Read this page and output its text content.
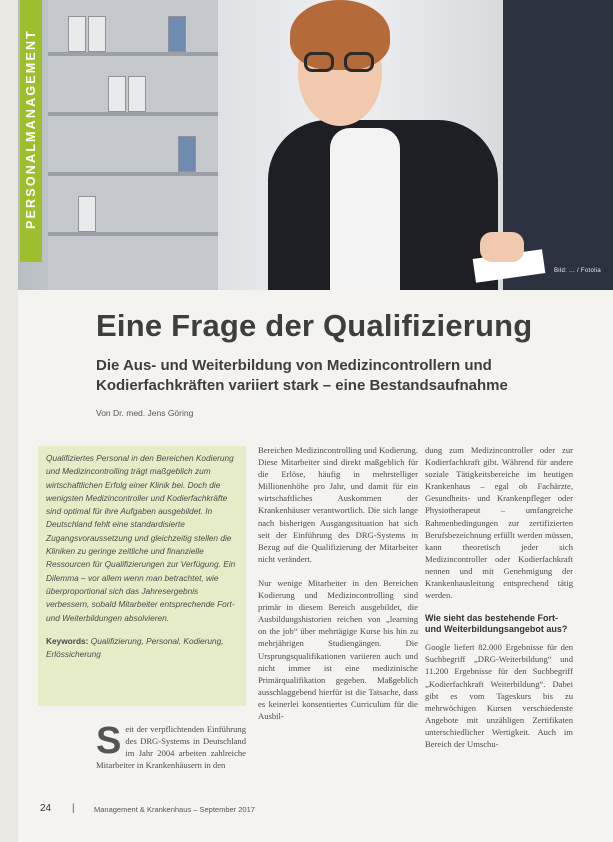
Bild: ... / Fotolia
PERSONALMANAGEMENT
Eine Frage der Qualifizierung
Die Aus- und Weiterbildung von Medizincontrollern und Kodierfachkräften variiert stark – eine Bestandsaufnahme
Von Dr. med. Jens Göring

Qualifiziertes Personal in den Bereichen Kodierung und Medizincontrolling trägt maßgeblich zum wirtschaftlichen Erfolg einer Klinik bei. Doch die wenigsten Medizincontroller und Kodierfachkräfte sind optimal für ihre Aufgaben ausgebildet. In Deutschland fehlt eine standardisierte Zugangsvoraussetzung und gleichzeitig stellen die Kliniken zu geringe zeitliche und finanzielle Ressourcen für Qualifizierungen zur Verfügung. Ein Dilemma – vor allem wenn man betrachtet, wie überproportional sich das Jahresergebnis verbessern, sobald Mitarbeiter entsprechende Fort- und Weiterbildungen absolvieren.

Keywords: Qualifizierung, Personal, Kodierung, Erlössicherung

S eit der verpflichtenden Einführung des DRG-Systems in Deutschland im Jahr 2004 arbeiten zahlreiche Mitarbeiter in Krankenhäusern in den

Bereichen Medizincontrolling und Kodierung. Diese Mitarbeiter sind direkt maßgeblich für die Erlöse, häufig in mehrstelliger Millionenhöhe pro Jahr, und damit für ein wirtschaftliches Auskommen der Krankenhäuser verantwortlich. Die sich lange nach bisherigen Ausgangssituation hat sich seit der Einführung des DRG-Systems in Bezug auf die Qualifizierung der Mitarbeiter nicht verändert.

Nur wenige Mitarbeiter in den Bereichen Kodierung und Medizincontrolling sind primär in diesem Bereich ausgebildet, die Ausbildungshistorien reichen von „learning on the job“ über mehrtägige Kurse bis hin zu mehrjährigen Studiengängen. Die Ursprungsqualifikationen variieren auch und nicht immer ist eine medizinische Primärqualifikation gegeben. Maßgeblich ausschlaggebend hierfür ist die Tatsache, dass es keinerlei konsentiertes Curriculum für die Ausbil-

dung zum Medizincontroller oder zur Kodierfachkraft gibt. Während für andere soziale Tätigkeitsbereiche im heutigen Krankenhaus – egal ob Fachärzte, Gesundheits- und Krankenpfleger oder Physiotherapeut – umfangreiche Rahmenbedingungen zur zertifizierten Berufsbezeichnung erfüllt werden müssen, kann theoretisch jeder sich Medizincontroller oder Kodierfachkraft nennen und mit Genehmigung der Krankenhausleitung entsprechend tätig werden.

Wie sieht das bestehende Fort- und Weiterbildungsangebot aus?

Google liefert 82.000 Ergebnisse für den Suchbegriff „DRG-Weiterbildung“ und 11.200 Ergebnisse für den Suchbegriff „Kodierfachkraft Weiterbildung“. Dabei gibt es vom Tageskurs bis zu mehrwöchigen Kursen verschiedenste Angebote mit unzähligen Zertifikaten unterschiedlicher Wertigkeit. Auch im Bereich der Umschu-

24 |	Management & Krankenhaus – September 2017
